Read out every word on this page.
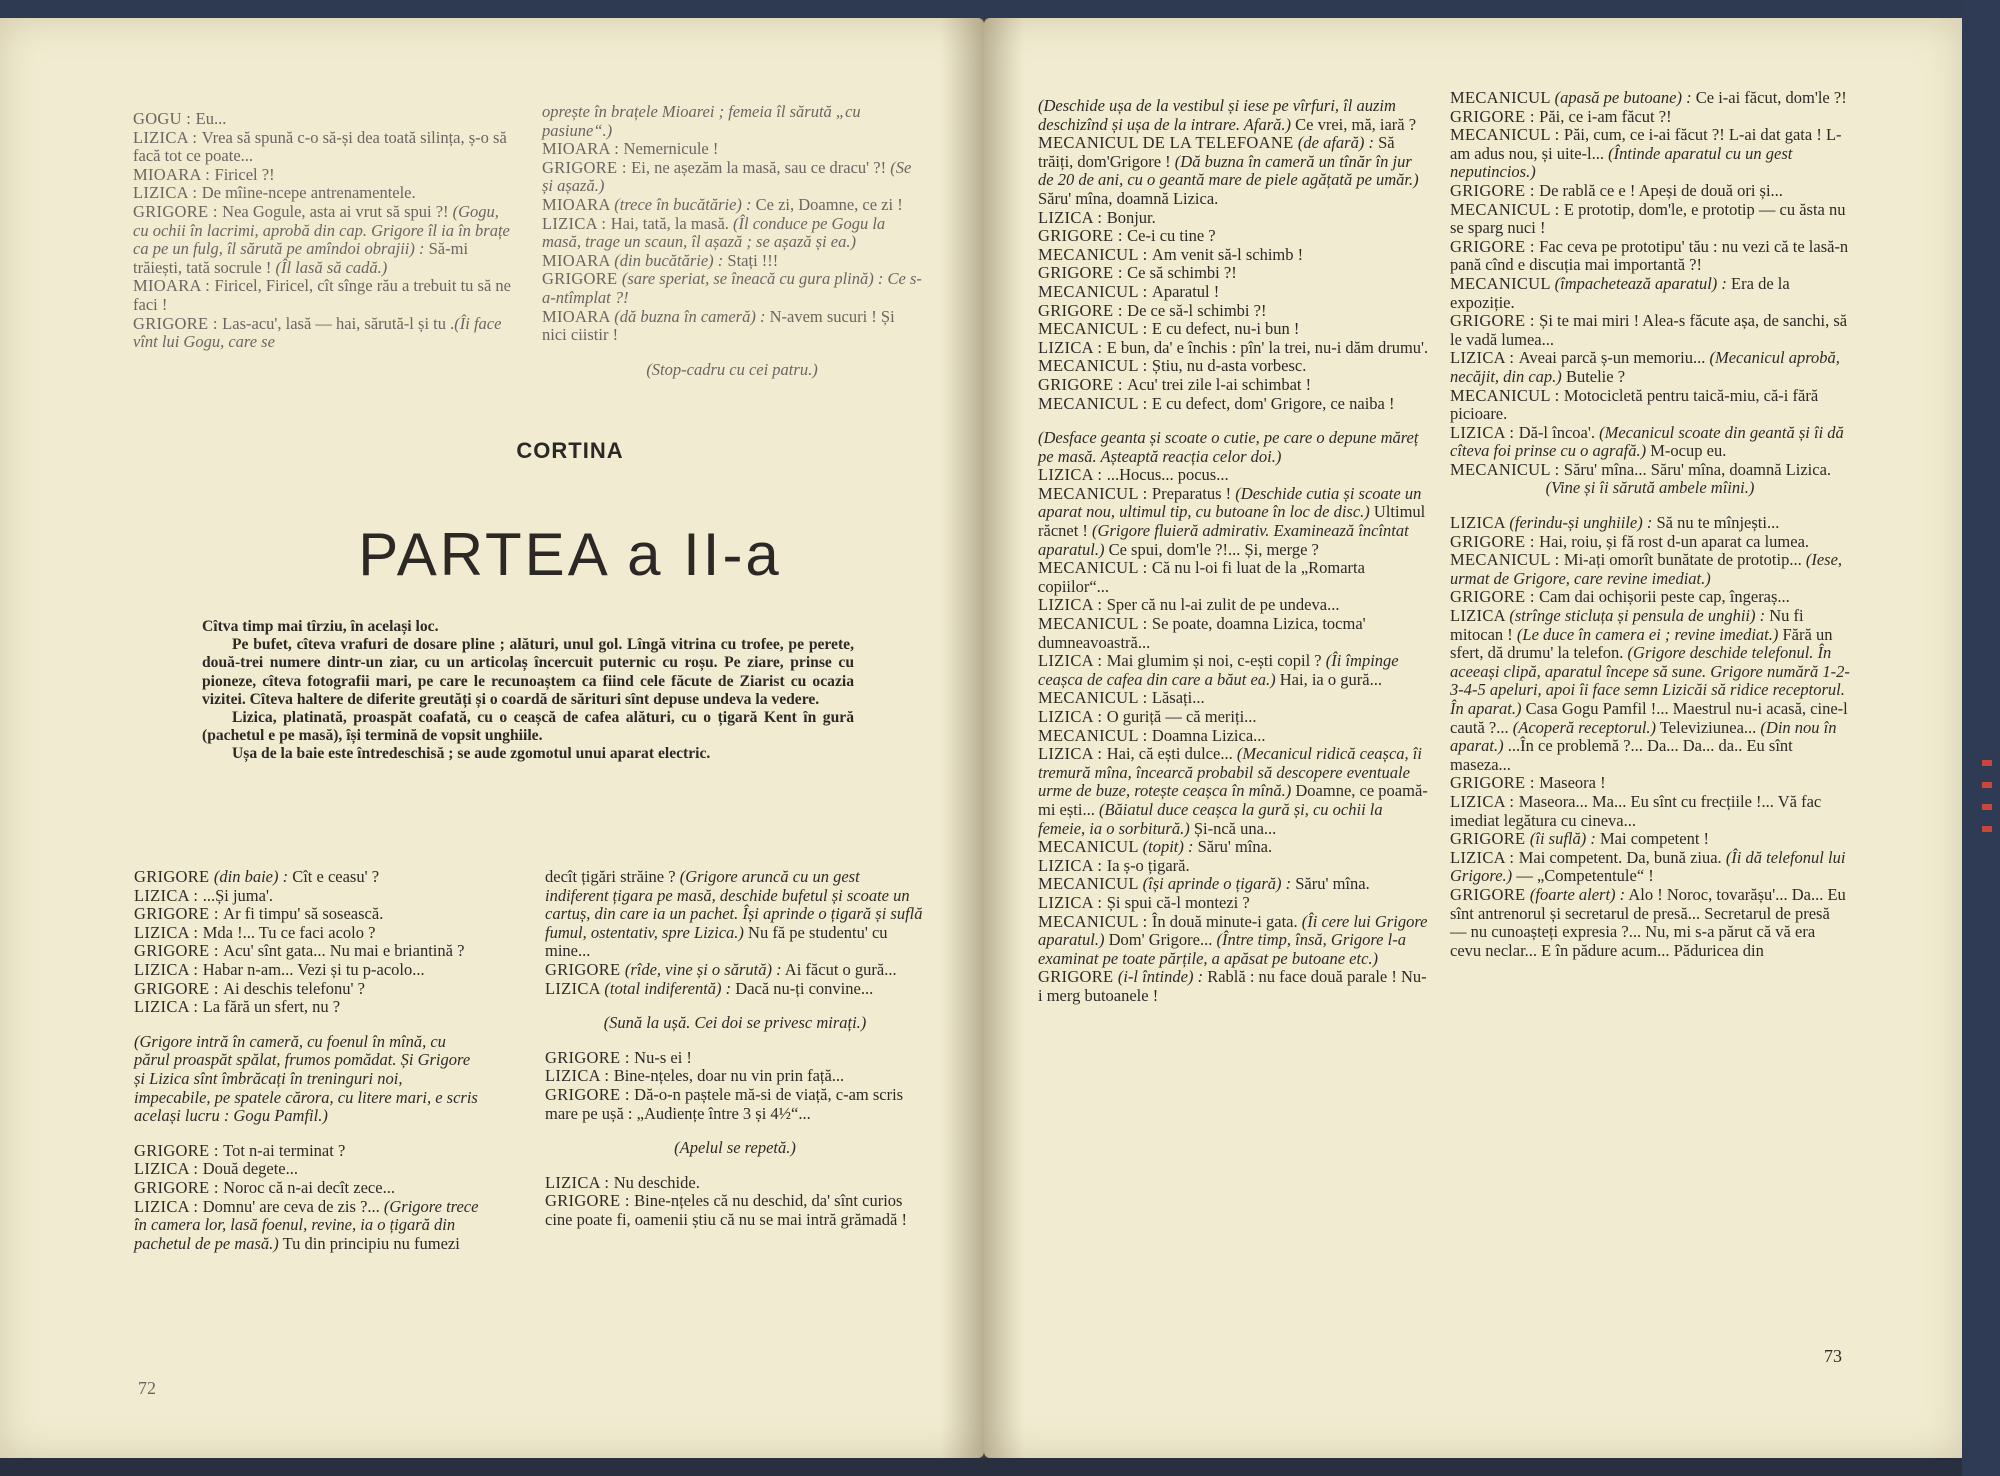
GOGU : Eu...

LIZICA : Vrea să spună c-o să-și dea toată silința, ș-o să facă tot ce poate...

MIOARA : Firicel ?!

LIZICA : De mîine-ncepe antrenamentele.

GRIGORE : Nea Gogule, asta ai vrut să spui ?! (Gogu, cu ochii în lacrimi, aprobă din cap. Grigore îl ia în brațe ca pe un fulg, îl sărută pe amîndoi obrajii) : Să-mi trăiești, tată socrule ! (Îl lasă să cadă.)

MIOARA : Firicel, Firicel, cît sînge rău a trebuit tu să ne faci !

GRIGORE : Las-acu', lasă — hai, sărută-l și tu .(Îi face vînt lui Gogu, care se

oprește în brațele Mioarei ; femeia îl sărută „cu pasiune“.)

MIOARA : Nemernicule !

GRIGORE : Ei, ne așezăm la masă, sau ce dracu' ?! (Se și așază.)

MIOARA (trece în bucătărie) : Ce zi, Doamne, ce zi !

LIZICA : Hai, tată, la masă. (Îl conduce pe Gogu la masă, trage un scaun, îl așază ; se așază și ea.)

MIOARA (din bucătărie) : Stați !!!

GRIGORE (sare speriat, se îneacă cu gura plină) : Ce s-a-ntîmplat ?!

MIOARA (dă buzna în cameră) : N-avem sucuri ! Și nici ciistir !

(Stop-cadru cu cei patru.)

CORTINA
PARTEA a II-a

Cîtva timp mai tîrziu, în același loc.

Pe bufet, cîteva vrafuri de dosare pline ; alături, unul gol. Lîngă vitrina cu trofee, pe perete, două-trei numere dintr-un ziar, cu un articolaș încercuit puternic cu roșu. Pe ziare, prinse cu pioneze, cîteva fotografii mari, pe care le recunoaștem ca fiind cele făcute de Ziarist cu ocazia vizitei. Cîteva haltere de diferite greutăți și o coardă de sărituri sînt depuse undeva la vedere.

Lizica, platinată, proaspăt coafată, cu o ceașcă de cafea alături, cu o țigară Kent în gură (pachetul e pe masă), își termină de vopsit unghiile.

Ușa de la baie este întredeschisă ; se aude zgomotul unui aparat electric.

GRIGORE (din baie) : Cît e ceasu' ?

LIZICA : ...Și juma'.

GRIGORE : Ar fi timpu' să sosească.

LIZICA : Mda !... Tu ce faci acolo ?

GRIGORE : Acu' sînt gata... Nu mai e briantină ?

LIZICA : Habar n-am... Vezi și tu p-acolo...

GRIGORE : Ai deschis telefonu' ?

LIZICA : La fără un sfert, nu ?

(Grigore intră în cameră, cu foenul în mînă, cu părul proaspăt spălat, frumos pomădat. Și Grigore și Lizica sînt îmbrăcați în treninguri noi, impecabile, pe spatele cărora, cu litere mari, e scris același lucru : Gogu Pamfil.)

GRIGORE : Tot n-ai terminat ?

LIZICA : Două degete...

GRIGORE : Noroc că n-ai decît zece...

LIZICA : Domnu' are ceva de zis ?... (Grigore trece în camera lor, lasă foenul, revine, ia o țigară din pachetul de pe masă.) Tu din principiu nu fumezi

decît țigări străine ? (Grigore aruncă cu un gest indiferent țigara pe masă, deschide bufetul și scoate un cartuș, din care ia un pachet. Își aprinde o țigară și suflă fumul, ostentativ, spre Lizica.) Nu fă pe studentu' cu mine...

GRIGORE (rîde, vine și o sărută) : Ai făcut o gură...

LIZICA (total indiferentă) : Dacă nu-ți convine...

(Sună la ușă. Cei doi se privesc mirați.)

GRIGORE : Nu-s ei !

LIZICA : Bine-nțeles, doar nu vin prin față...

GRIGORE : Dă-o-n paștele mă-si de viață, c-am scris mare pe ușă : „Audiențe între 3 și 4½“...

(Apelul se repetă.)

LIZICA : Nu deschide.

GRIGORE : Bine-nțeles că nu deschid, da' sînt curios cine poate fi, oamenii știu că nu se mai intră grămadă !

72

(Deschide ușa de la vestibul și iese pe vîrfuri, îl auzim deschizînd și ușa de la intrare. Afară.) Ce vrei, mă, iară ?

MECANICUL DE LA TELEFOANE (de afară) : Să trăiți, dom'Grigore ! (Dă buzna în cameră un tînăr în jur de 20 de ani, cu o geantă mare de piele agățată pe umăr.) Săru' mîna, doamnă Lizica.

LIZICA : Bonjur.

GRIGORE : Ce-i cu tine ?

MECANICUL : Am venit să-l schimb !

GRIGORE : Ce să schimbi ?!

MECANICUL : Aparatul !

GRIGORE : De ce să-l schimbi ?!

MECANICUL : E cu defect, nu-i bun !

LIZICA : E bun, da' e închis : pîn' la trei, nu-i dăm drumu'.

MECANICUL : Știu, nu d-asta vorbesc.

GRIGORE : Acu' trei zile l-ai schimbat !

MECANICUL : E cu defect, dom' Grigore, ce naiba !

(Desface geanta și scoate o cutie, pe care o depune măreț pe masă. Așteaptă reacția celor doi.)

LIZICA : ...Hocus... pocus...

MECANICUL : Preparatus ! (Deschide cutia și scoate un aparat nou, ultimul tip, cu butoane în loc de disc.) Ultimul răcnet ! (Grigore fluieră admirativ. Examinează încîntat aparatul.) Ce spui, dom'le ?!... Și, merge ?

MECANICUL : Că nu l-oi fi luat de la „Romarta copiilor“...

LIZICA : Sper că nu l-ai zulit de pe undeva...

MECANICUL : Se poate, doamna Lizica, tocma' dumneavoastră...

LIZICA : Mai glumim și noi, c-ești copil ? (Îi împinge ceașca de cafea din care a băut ea.) Hai, ia o gură...

MECANICUL : Lăsați...

LIZICA : O guriță — că meriți...

MECANICUL : Doamna Lizica...

LIZICA : Hai, că ești dulce... (Mecanicul ridică ceașca, îi tremură mîna, încearcă probabil să descopere eventuale urme de buze, rotește ceașca în mînă.) Doamne, ce poamă-mi ești... (Băiatul duce ceașca la gură și, cu ochii la femeie, ia o sorbitură.) Și-ncă una...

MECANICUL (topit) : Săru' mîna.

LIZICA : Ia ș-o țigară.

MECANICUL (își aprinde o țigară) : Săru' mîna.

LIZICA : Și spui că-l montezi ?

MECANICUL : În două minute-i gata. (Îi cere lui Grigore aparatul.) Dom' Grigore... (Între timp, însă, Grigore l-a examinat pe toate părțile, a apăsat pe butoane etc.)

GRIGORE (i-l întinde) : Rablă : nu face două parale ! Nu-i merg butoanele !

MECANICUL (apasă pe butoane) : Ce i-ai făcut, dom'le ?!

GRIGORE : Păi, ce i-am făcut ?!

MECANICUL : Păi, cum, ce i-ai făcut ?! L-ai dat gata ! L-am adus nou, și uite-l... (Întinde aparatul cu un gest neputincios.)

GRIGORE : De rablă ce e ! Apeși de două ori și...

MECANICUL : E prototip, dom'le, e prototip — cu ăsta nu se sparg nuci !

GRIGORE : Fac ceva pe prototipu' tău : nu vezi că te lasă-n pană cînd e discuția mai importantă ?!

MECANICUL (împachetează aparatul) : Era de la expoziție.

GRIGORE : Și te mai miri ! Alea-s făcute așa, de sanchi, să le vadă lumea...

LIZICA : Aveai parcă ș-un memoriu... (Mecanicul aprobă, necăjit, din cap.) Butelie ?

MECANICUL : Motocicletă pentru taică-miu, că-i fără picioare.

LIZICA : Dă-l încoa'. (Mecanicul scoate din geantă și îi dă cîteva foi prinse cu o agrafă.) M-ocup eu.

MECANICUL : Săru' mîna... Săru' mîna, doamnă Lizica.

(Vine și îi sărută ambele mîini.)

LIZICA (ferindu-și unghiile) : Să nu te mînjești...

GRIGORE : Hai, roiu, și fă rost d-un aparat ca lumea.

MECANICUL : Mi-ați omorît bunătate de prototip... (Iese, urmat de Grigore, care revine imediat.)

GRIGORE : Cam dai ochișorii peste cap, îngeraș...

LIZICA (strînge sticluța și pensula de unghii) : Nu fi mitocan ! (Le duce în camera ei ; revine imediat.) Fără un sfert, dă drumu' la telefon. (Grigore deschide telefonul. În aceeași clipă, aparatul începe să sune. Grigore numără 1-2-3-4-5 apeluri, apoi îi face semn Lizicăi să ridice receptorul. În aparat.) Casa Gogu Pamfil !... Maestrul nu-i acasă, cine-l caută ?... (Acoperă receptorul.) Televiziunea... (Din nou în aparat.) ...În ce problemă ?... Da... Da... da.. Eu sînt maseza...

GRIGORE : Maseora !

LIZICA : Maseora... Ma... Eu sînt cu frecțiile !... Vă fac imediat legătura cu cineva...

GRIGORE (îi suflă) : Mai competent !

LIZICA : Mai competent. Da, bună ziua. (Îi dă telefonul lui Grigore.) — „Competentule“ !

GRIGORE (foarte alert) : Alo ! Noroc, tovarășu'... Da... Eu sînt antrenorul și secretarul de presă... Secretarul de presă — nu cunoașteți expresia ?... Nu, mi s-a părut că vă era cevu neclar... E în pădure acum... Păduricea din

73
